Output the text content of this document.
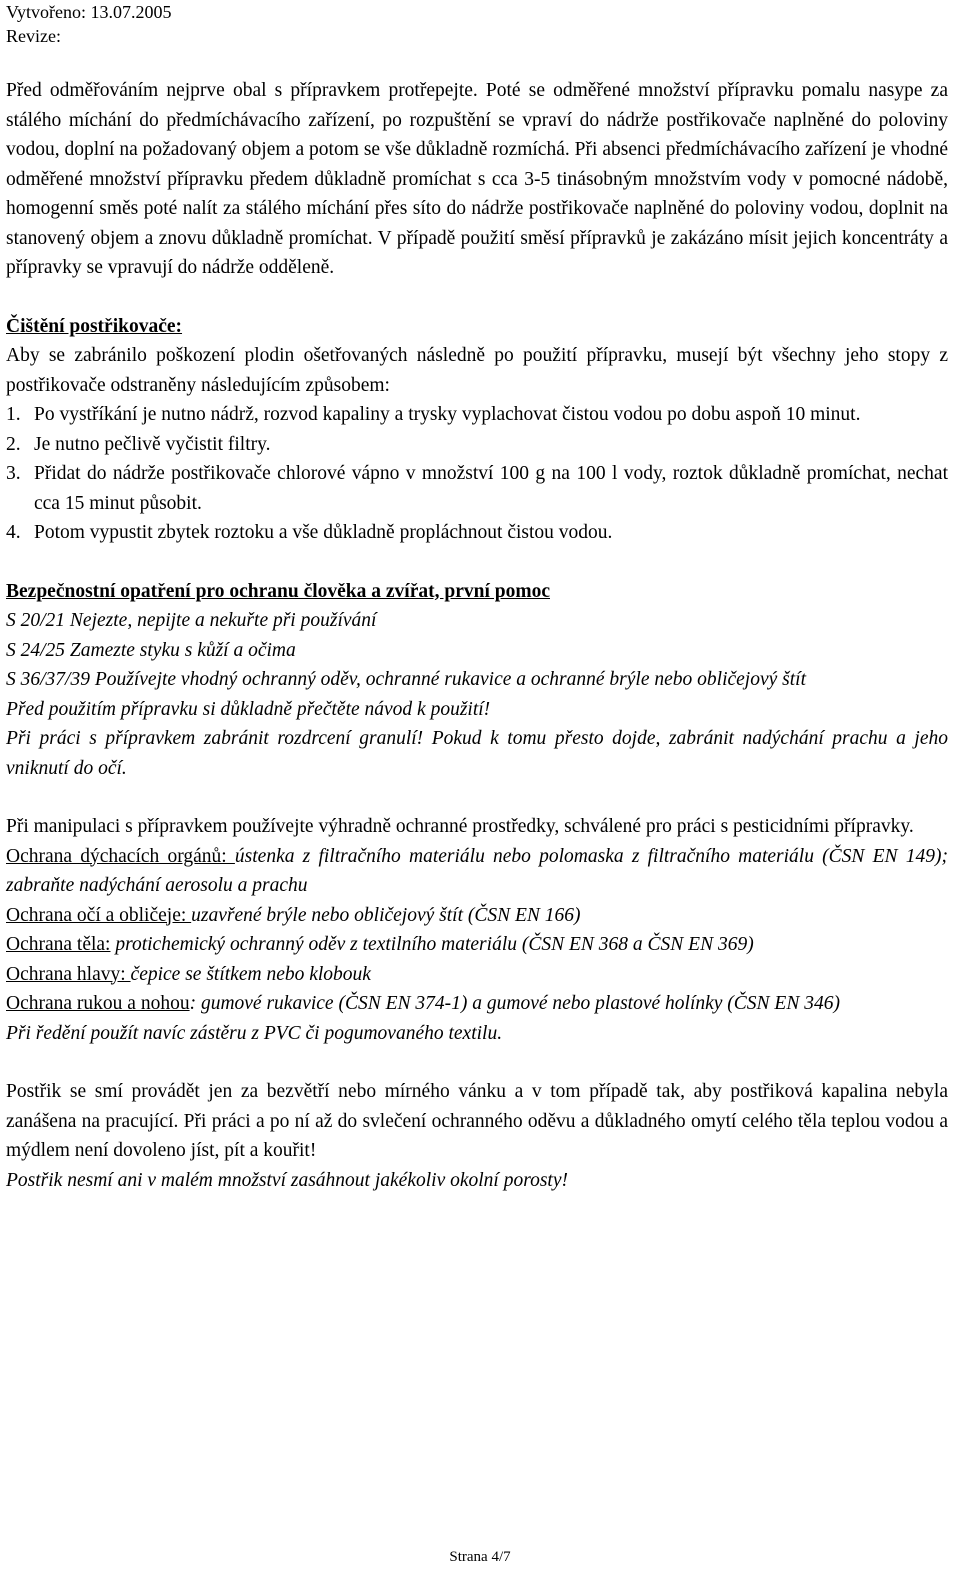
Vytvořeno: 13.07.2005
Revize:

Před odměřováním nejprve obal s přípravkem protřepejte. Poté se odměřené množství přípravku pomalu nasype za stálého míchání do předmíchávacího zařízení, po rozpuštění se vpraví do nádrže postřikovače naplněné do poloviny vodou, doplní na požadovaný objem a potom se vše důkladně rozmíchá. Při absenci předmíchávacího zařízení je vhodné odměřené množství přípravku předem důkladně promíchat s cca 3-5 tinásobným množstvím vody v pomocné nádobě, homogenní směs poté nalít za stálého míchání přes síto do nádrže postřikovače naplněné do poloviny vodou, doplnit na stanovený objem a znovu důkladně promíchat. V případě použití směsí přípravků je zakázáno mísit jejich koncentráty a přípravky se vpravují do nádrže odděleně.

Čištění postřikovače:

Aby se zabránilo poškození plodin ošetřovaných následně po použití přípravku, musejí být všechny jeho stopy z postřikovače odstraněny následujícím způsobem:

1. Po vystříkání je nutno nádrž, rozvod kapaliny a trysky vyplachovat čistou vodou po dobu aspoň 10 minut.
2. Je nutno pečlivě vyčistit filtry.
3. Přidat do nádrže postřikovače chlorové vápno v množství 100 g na 100 l vody, roztok důkladně promíchat, nechat cca 15 minut působit.
4. Potom vypustit zbytek roztoku a vše důkladně propláchnout čistou vodou.
Bezpečnostní opatření pro ochranu člověka a zvířat, první pomoc

S 20/21 Nejezte, nepijte a nekuřte při používání

S 24/25 Zamezte styku s kůží a očima

S 36/37/39 Používejte vhodný ochranný oděv, ochranné rukavice a ochranné brýle nebo obličejový štít

Před použitím přípravku si důkladně přečtěte návod k použití!

Při práci s přípravkem zabránit rozdrcení granulí! Pokud k tomu přesto dojde, zabránit nadýchání prachu a jeho vniknutí do očí.

Při manipulaci s přípravkem používejte výhradně ochranné prostředky, schválené pro práci s pesticidními přípravky.

Ochrana dýchacích orgánů: ústenka z filtračního materiálu nebo polomaska z filtračního materiálu (ČSN EN 149); zabraňte nadýchání aerosolu a prachu

Ochrana očí a obličeje: uzavřené brýle nebo obličejový štít (ČSN EN 166)

Ochrana těla: protichemický ochranný oděv z textilního materiálu (ČSN EN 368 a ČSN EN 369)

Ochrana hlavy: čepice se štítkem nebo klobouk

Ochrana rukou a nohou: gumové rukavice (ČSN EN 374-1) a gumové nebo plastové holínky (ČSN EN 346)

Při ředění použít navíc zástěru z PVC či pogumovaného textilu.

Postřik se smí provádět jen za bezvětří nebo mírného vánku a v tom případě tak, aby postřiková kapalina nebyla zanášena na pracující. Při práci a po ní až do svlečení ochranného oděvu a důkladného omytí celého těla teplou vodou a mýdlem není dovoleno jíst, pít a kouřit!

Postřik nesmí ani v malém množství zasáhnout jakékoliv okolní porosty!

Strana 4/7
